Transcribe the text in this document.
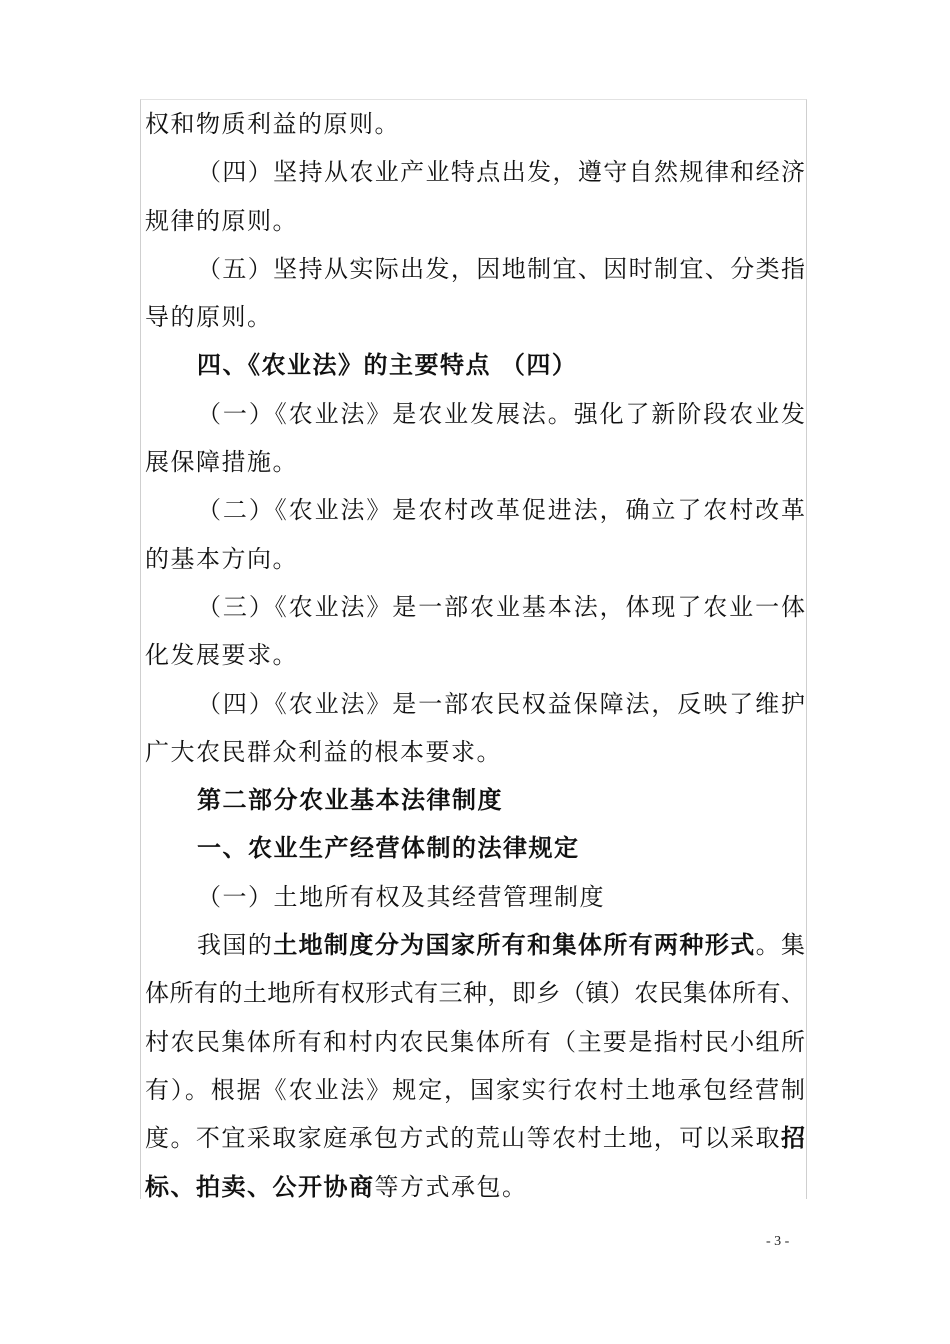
权和物质利益的原则。
（四）坚持从农业产业特点出发，遵守自然规律和经济
规律的原则。
（五）坚持从实际出发，因地制宜、因时制宜、分类指
导的原则。
四、《农业法》的主要特点 （四）
（一）《农业法》是农业发展法。强化了新阶段农业发
展保障措施。
（二）《农业法》是农村改革促进法，确立了农村改革
的基本方向。
（三）《农业法》是一部农业基本法，体现了农业一体
化发展要求。
（四）《农业法》是一部农民权益保障法，反映了维护
广大农民群众利益的根本要求。
第二部分农业基本法律制度
一、农业生产经营体制的法律规定
（一）土地所有权及其经营管理制度
我国的土地制度分为国家所有和集体所有两种形式。集
体所有的土地所有权形式有三种，即乡（镇）农民集体所有、
村农民集体所有和村内农民集体所有（主要是指村民小组所
有）。根据《农业法》规定，国家实行农村土地承包经营制
度。不宜采取家庭承包方式的荒山等农村土地，可以采取招
标、拍卖、公开协商等方式承包。
- 3 -
